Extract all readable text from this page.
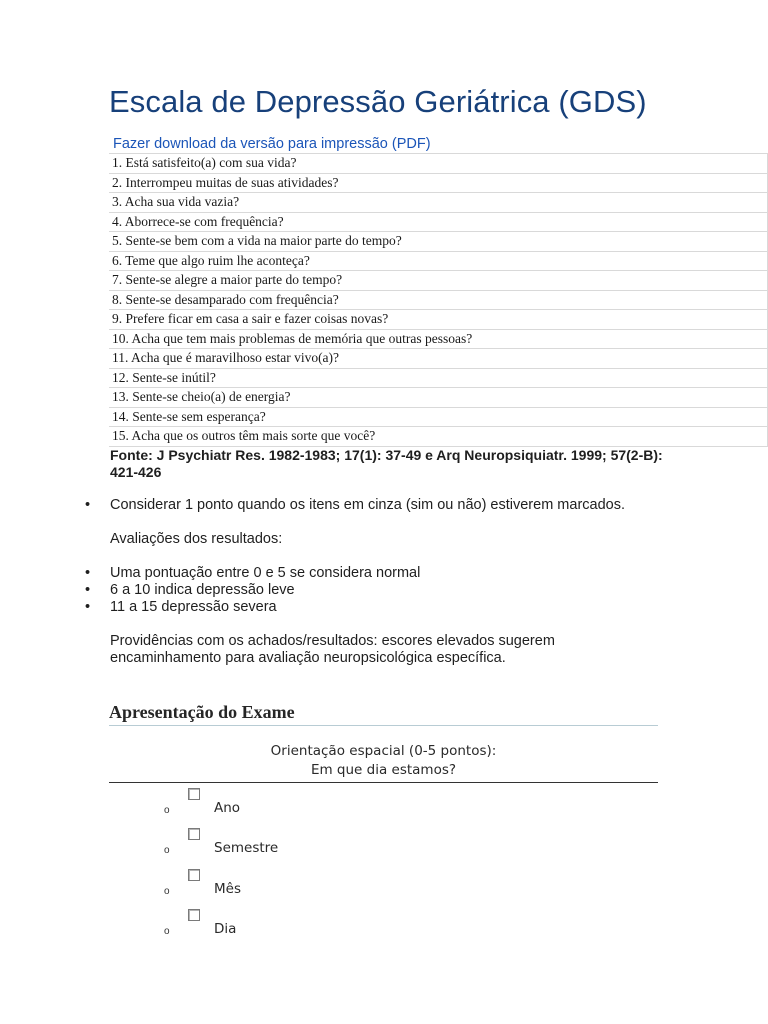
Escala de Depressão Geriátrica (GDS)
Fazer download da versão para impressão (PDF)
1. Está satisfeito(a) com sua vida?
2. Interrompeu muitas de suas atividades?
3. Acha sua vida vazia?
4. Aborrece-se com frequência?
5. Sente-se bem com a vida na maior parte do tempo?
6. Teme que algo ruim lhe aconteça?
7. Sente-se alegre a maior parte do tempo?
8. Sente-se desamparado com frequência?
9. Prefere ficar em casa a sair e fazer coisas novas?
10. Acha que tem mais problemas de memória que outras pessoas?
11. Acha que é maravilhoso estar vivo(a)?
12. Sente-se inútil?
13. Sente-se cheio(a) de energia?
14. Sente-se sem esperança?
15. Acha que os outros têm mais sorte que você?
Fonte: J Psychiatr Res. 1982-1983; 17(1): 37-49 e Arq Neuropsiquiatr. 1999; 57(2-B): 421-426
• Considerar 1 ponto quando os itens em cinza (sim ou não) estiverem marcados.

Avaliações dos resultados:

• Uma pontuação entre 0 e 5 se considera normal
• 6 a 10 indica depressão leve
• 11 a 15 depressão severa

Providências com os achados/resultados: escores elevados sugerem encaminhamento para avaliação neuropsicológica específica.

Apresentação do Exame
Orientação espacial (0-5 pontos):
Em que dia estamos?
o	Ano
o	Semestre
o	Mês
o	Dia
